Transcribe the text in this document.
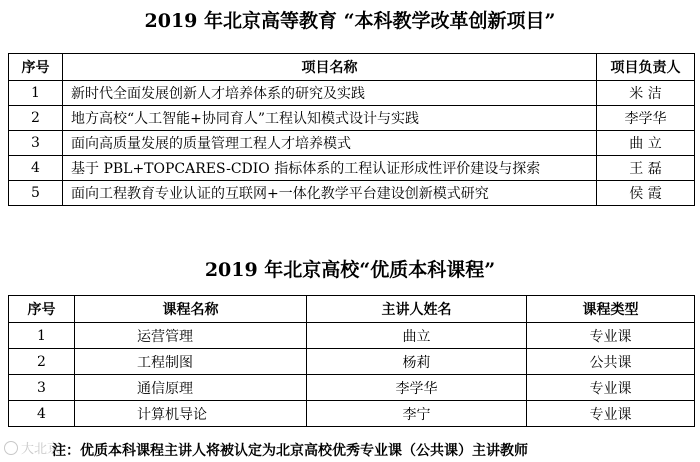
2019 年北京高等教育 “本科教学改革创新项目”
序号	项目名称	项目负责人
1	新时代全面发展创新人才培养体系的研究及实践	米 洁
2	地方高校“人工智能+协同育人”工程认知模式设计与实践	李学华
3	面向高质量发展的质量管理工程人才培养模式	曲 立
4	基于 PBL+TOPCARES-CDIO 指标体系的工程认证形成性评价建设与探索	王 磊
5	面向工程教育专业认证的互联网+一体化教学平台建设创新模式研究	侯 霞
2019 年北京高校“优质本科课程”
序号	课程名称	主讲人姓名	课程类型
1	运营管理	曲立	专业课
2	工程制图	杨莉	公共课
3	通信原理	李学华	专业课
4	计算机导论	李宁	专业课
大北京
注：优质本科课程主讲人将被认定为北京高校优秀专业课（公共课）主讲教师
